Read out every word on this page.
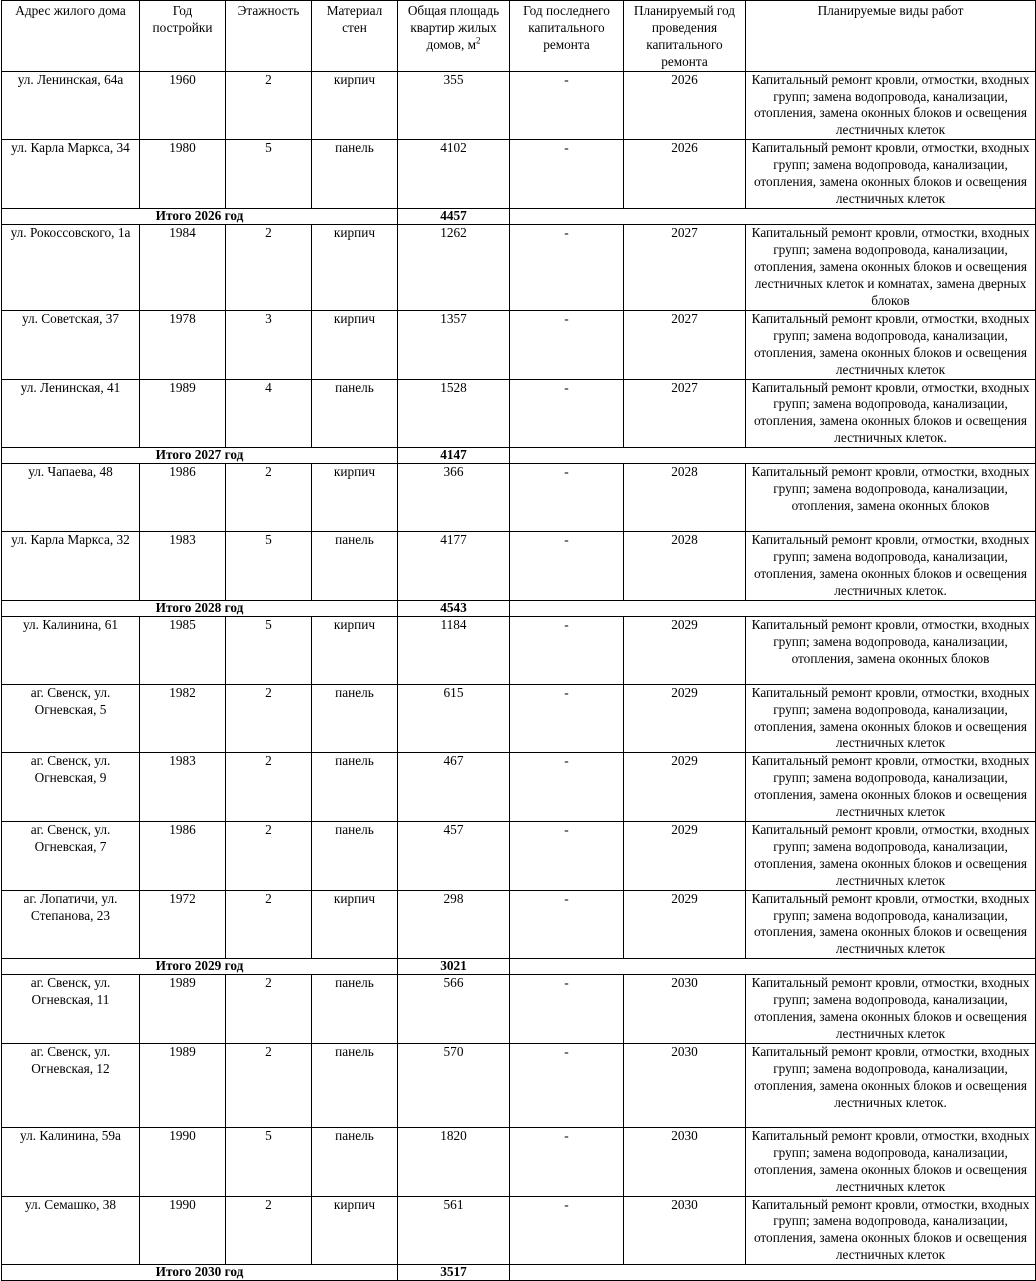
Адрес жилого дома	Год постройки	Этажность	Материал стен	Общая площадь квартир жилых домов, $м^2$	Год последнего капитального ремонта	Планируемый год проведения капитального ремонта	Планируемые виды работ
ул. Ленинская, 64а	1960	2	кирпич	355	-	2026	Капитальный ремонт кровли, отмостки, входных групп; замена водопровода, канализации, отопления, замена оконных блоков и освещения лестничных клеток
ул. Карла Маркса, 34	1980	5	панель	4102	-	2026	Капитальный ремонт кровли, отмостки, входных групп; замена водопровода, канализации, отопления, замена оконных блоков и освещения лестничных клеток
Итого 2026 год				4457			
ул. Рокоссовского, 1а	1984	2	кирпич	1262	-	2027	Капитальный ремонт кровли, отмостки, входных групп; замена водопровода, канализации, отопления, замена оконных блоков и освещения лестничных клеток и комнатах, замена дверных блоков
ул. Советская, 37	1978	3	кирпич	1357	-	2027	Капитальный ремонт кровли, отмостки, входных групп; замена водопровода, канализации, отопления, замена оконных блоков и освещения лестничных клеток
ул. Ленинская, 41	1989	4	панель	1528	-	2027	Капитальный ремонт кровли, отмостки, входных групп; замена водопровода, канализации, отопления, замена оконных блоков и освещения лестничных клеток.
Итого 2027 год				4147			
ул. Чапаева, 48	1986	2	кирпич	366	-	2028	Капитальный ремонт кровли, отмостки, входных групп; замена водопровода, канализации, отопления, замена оконных блоков
ул. Карла Маркса, 32	1983	5	панель	4177	-	2028	Капитальный ремонт кровли, отмостки, входных групп; замена водопровода, канализации, отопления, замена оконных блоков и освещения лестничных клеток.
Итого 2028 год				4543			
ул. Калинина, 61	1985	5	кирпич	1184	-	2029	Капитальный ремонт кровли, отмостки, входных групп; замена водопровода, канализации, отопления, замена оконных блоков
аг. Свенск, ул. Огневская, 5	1982	2	панель	615	-	2029	Капитальный ремонт кровли, отмостки, входных групп; замена водопровода, канализации, отопления, замена оконных блоков и освещения лестничных клеток
аг. Свенск, ул. Огневская, 9	1983	2	панель	467	-	2029	Капитальный ремонт кровли, отмостки, входных групп; замена водопровода, канализации, отопления, замена оконных блоков и освещения лестничных клеток
аг. Свенск, ул. Огневская, 7	1986	2	панель	457	-	2029	Капитальный ремонт кровли, отмостки, входных групп; замена водопровода, канализации, отопления, замена оконных блоков и освещения лестничных клеток
аг. Лопатичи, ул. Степанова, 23	1972	2	кирпич	298	-	2029	Капитальный ремонт кровли, отмостки, входных групп; замена водопровода, канализации, отопления, замена оконных блоков и освещения лестничных клеток
Итого 2029 год				3021			
аг. Свенск, ул. Огневская, 11	1989	2	панель	566	-	2030	Капитальный ремонт кровли, отмостки, входных групп; замена водопровода, канализации, отопления, замена оконных блоков и освещения лестничных клеток
аг. Свенск, ул. Огневская, 12	1989	2	панель	570	-	2030	Капитальный ремонт кровли, отмостки, входных групп; замена водопровода, канализации, отопления, замена оконных блоков и освещения лестничных клеток.
ул. Калинина, 59а	1990	5	панель	1820	-	2030	Капитальный ремонт кровли, отмостки, входных групп; замена водопровода, канализации, отопления, замена оконных блоков и освещения лестничных клеток
ул. Семашко, 38	1990	2	кирпич	561	-	2030	Капитальный ремонт кровли, отмостки, входных групп; замена водопровода, канализации, отопления, замена оконных блоков и освещения лестничных клеток
Итого 2030 год				3517			
